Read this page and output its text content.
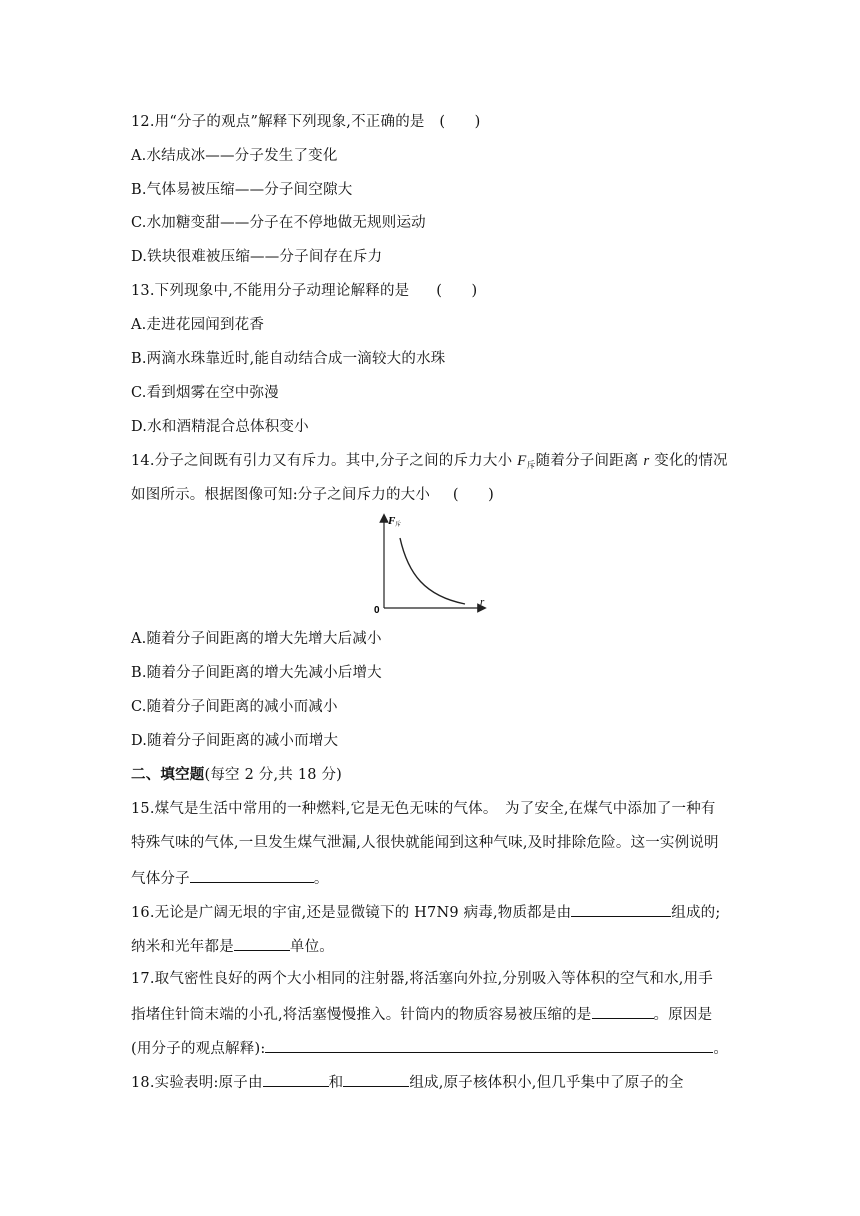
12.用“分子的观点”解释下列现象,不正确的是 (　　)
A.水结成冰——分子发生了变化
B.气体易被压缩——分子间空隙大
C.水加糖变甜——分子在不停地做无规则运动
D.铁块很难被压缩——分子间存在斥力
13.下列现象中,不能用分子动理论解释的是 (　　)
A.走进花园闻到花香
B.两滴水珠靠近时,能自动结合成一滴较大的水珠
C.看到烟雾在空中弥漫
D.水和酒精混合总体积变小
14.分子之间既有引力又有斥力。其中,分子之间的斥力大小 $F_斥$随着分子间距离 r 变化的情况
如图所示。根据图像可知:分子之间斥力的大小 (　　)
F 斥
r
0
A.随着分子间距离的增大先增大后减小
B.随着分子间距离的增大先减小后增大
C.随着分子间距离的减小而减小
D.随着分子间距离的减小而增大
二、填空题(每空 2 分,共 18 分)
15.煤气是生活中常用的一种燃料,它是无色无味的气体。　为了安全,在煤气中添加了一种有
特殊气味的气体,一旦发生煤气泄漏,人很快就能闻到这种气味,及时排除危险。这一实例说明
气体分子	。
16.无论是广阔无垠的宇宙,还是显微镜下的 H7N9 病毒,物质都是由	组成的;
纳米和光年都是	单位。
17.取气密性良好的两个大小相同的注射器,将活塞向外拉,分别吸入等体积的空气和水,用手
指堵住针筒末端的小孔,将活塞慢慢推入。针筒内的物质容易被压缩的是	。原因是
(用分子的观点解释):	。
18.实验表明:原子由	和	组成,原子核体积小,但几乎集中了原子的全
